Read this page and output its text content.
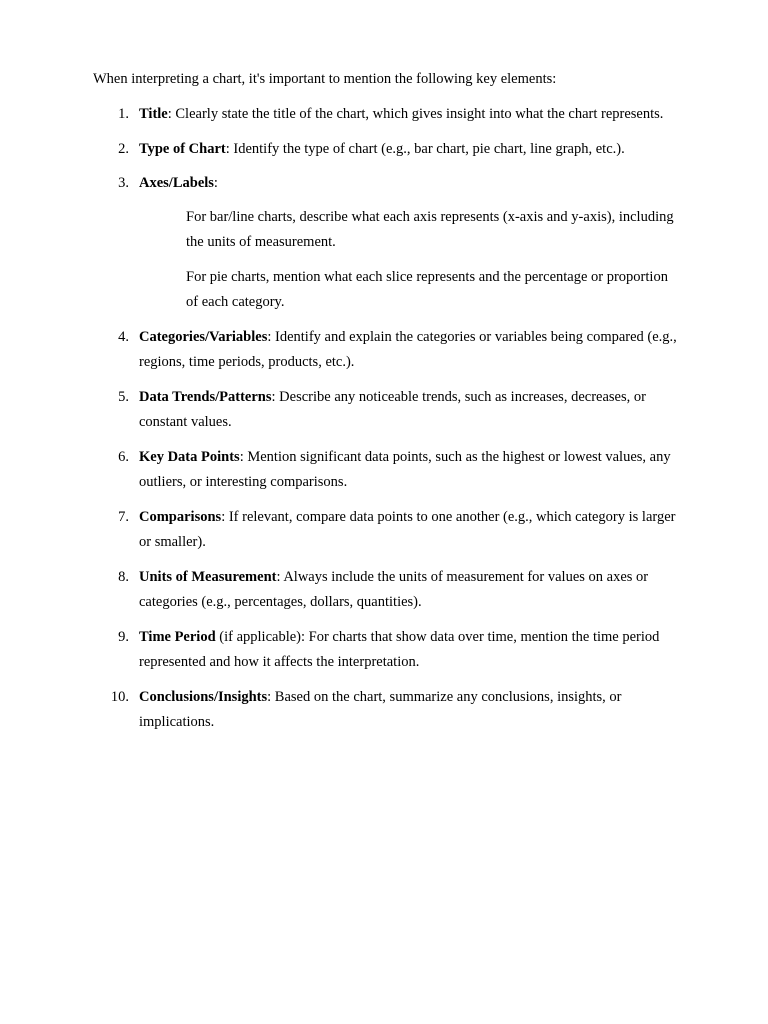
When interpreting a chart, it's important to mention the following key elements:

1. Title: Clearly state the title of the chart, which gives insight into what the chart represents.
2. Type of Chart: Identify the type of chart (e.g., bar chart, pie chart, line graph, etc.).
3. Axes/Labels:
For bar/line charts, describe what each axis represents (x-axis and y-axis), including the units of measurement.
For pie charts, mention what each slice represents and the percentage or proportion of each category.
4. Categories/Variables: Identify and explain the categories or variables being compared (e.g., regions, time periods, products, etc.).
5. Data Trends/Patterns: Describe any noticeable trends, such as increases, decreases, or constant values.
6. Key Data Points: Mention significant data points, such as the highest or lowest values, any outliers, or interesting comparisons.
7. Comparisons: If relevant, compare data points to one another (e.g., which category is larger or smaller).
8. Units of Measurement: Always include the units of measurement for values on axes or categories (e.g., percentages, dollars, quantities).
9. Time Period (if applicable): For charts that show data over time, mention the time period represented and how it affects the interpretation.
10. Conclusions/Insights: Based on the chart, summarize any conclusions, insights, or implications.
